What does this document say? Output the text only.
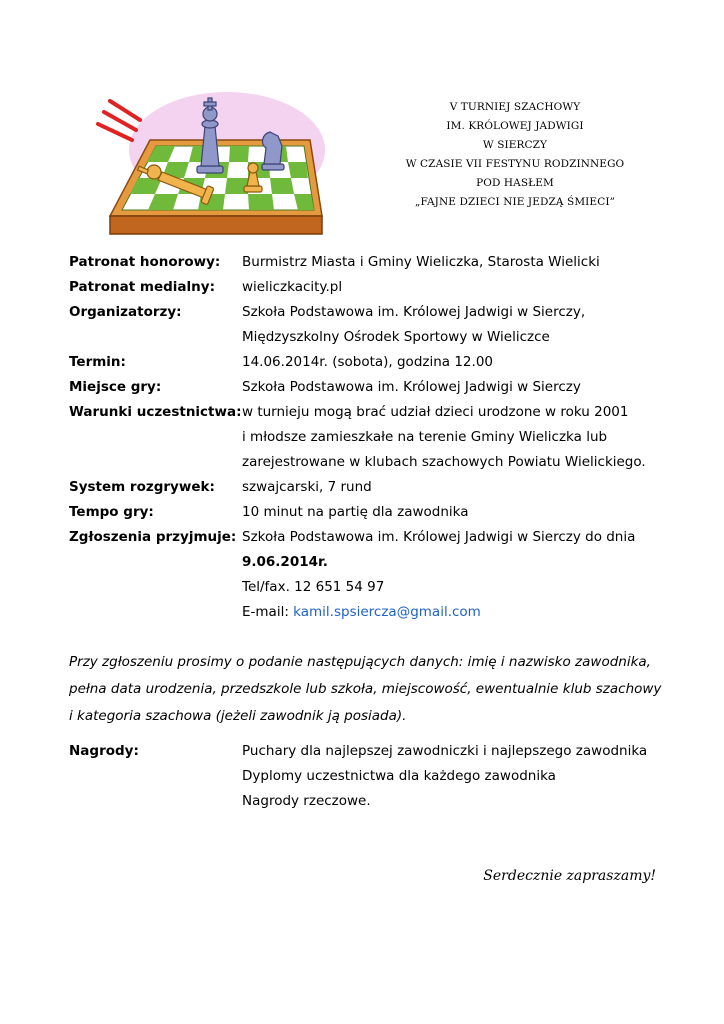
V TURNIEJ SZACHOWY
IM. KRÓLOWEJ JADWIGI
W SIERCZY
W CZASIE VII FESTYNU RODZINNEGO
POD HASŁEM
„FAJNE DZIECI NIE JEDZĄ ŚMIECI”
Patronat honorowy:	Burmistrz Miasta i Gminy Wieliczka, Starosta Wielicki
Patronat medialny:	wieliczkacity.pl
Organizatorzy:	Szkoła Podstawowa im. Królowej Jadwigi w Sierczy,
Międzyszkolny Ośrodek Sportowy w Wieliczce
Termin:	14.06.2014r. (sobota), godzina 12.00
Miejsce gry:	Szkoła Podstawowa im. Królowej Jadwigi w Sierczy
Warunki uczestnictwa: w turnieju mogą brać udział dzieci urodzone w roku 2001
i młodsze zamieszkałe na terenie Gminy Wieliczka lub
zarejestrowane w klubach szachowych Powiatu Wielickiego.
System rozgrywek:	szwajcarski, 7 rund
Tempo gry:	10 minut na partię dla zawodnika
Zgłoszenia przyjmuje: Szkoła Podstawowa im. Królowej Jadwigi w Sierczy do dnia
9.06.2014r.
Tel/fax. 12 651 54 97
E-mail: kamil.spsiercza@gmail.com
Przy zgłoszeniu prosimy o podanie następujących danych: imię i nazwisko zawodnika,
pełna data urodzenia, przedszkole lub szkoła, miejscowość, ewentualnie klub szachowy
i kategoria szachowa (jeżeli zawodnik ją posiada).
Nagrody:	Puchary dla najlepszej zawodniczki i najlepszego zawodnika
Dyplomy uczestnictwa dla każdego zawodnika
Nagrody rzeczowe.
Serdecznie zapraszamy!
